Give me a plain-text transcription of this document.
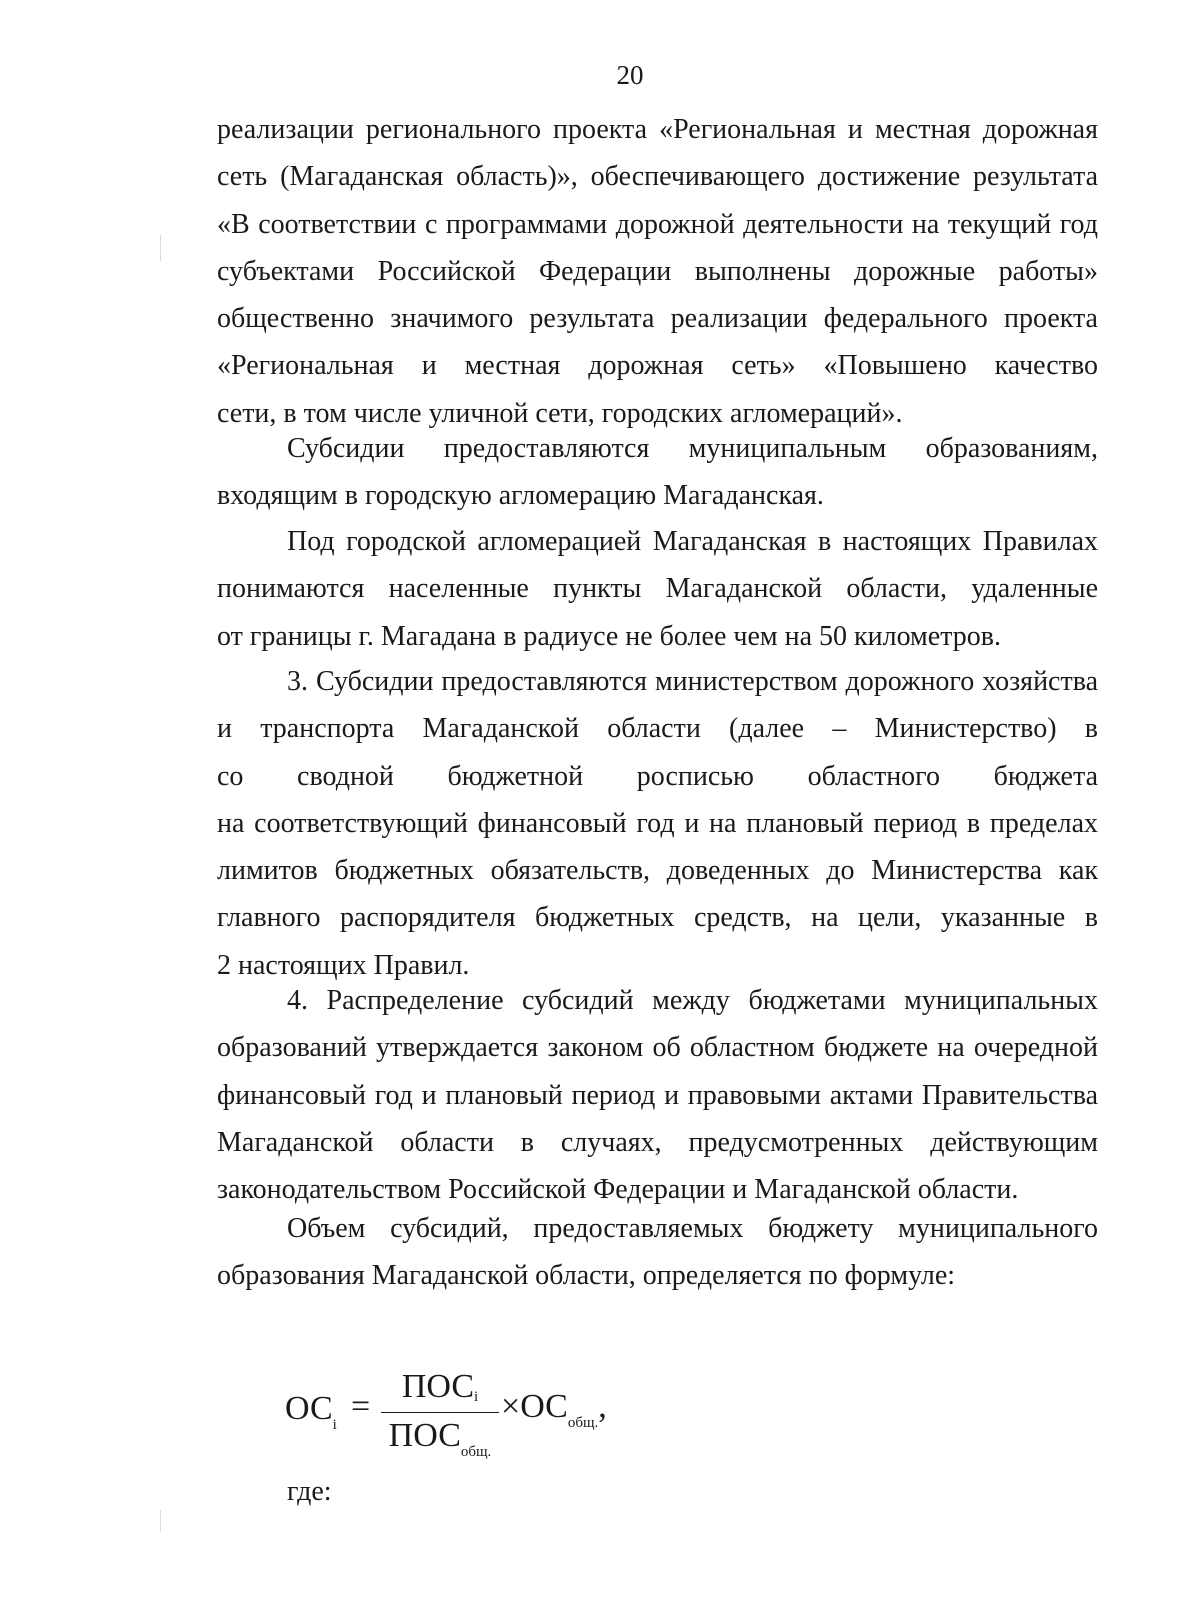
20
реализации регионального проекта «Региональная и местная дорожная
сеть (Магаданская область)», обеспечивающего достижение результата
«В соответствии с программами дорожной деятельности на текущий год
субъектами Российской Федерации выполнены дорожные работы»
общественно значимого результата реализации федерального проекта
«Региональная и местная дорожная сеть» «Повышено качество
сети, в том числе уличной сети, городских агломераций».
Субсидии предоставляются муниципальным образованиям,
входящим в городскую агломерацию Магаданская.
Под городской агломерацией Магаданская в настоящих Правилах
понимаются населенные пункты Магаданской области, удаленные
от границы г. Магадана в радиусе не более чем на 50 километров.
3. Субсидии предоставляются министерством дорожного хозяйства
и транспорта Магаданской области (далее – Министерство) в
со сводной бюджетной росписью областного бюджета
на соответствующий финансовый год и на плановый период в пределах
лимитов бюджетных обязательств, доведенных до Министерства как
главного распорядителя бюджетных средств, на цели, указанные в
2 настоящих Правил.
4. Распределение субсидий между бюджетами муниципальных
образований утверждается законом об областном бюджете на очередной
финансовый год и плановый период и правовыми актами Правительства
Магаданской области в случаях, предусмотренных действующим
законодательством Российской Федерации и Магаданской области.
Объем субсидий, предоставляемых бюджету муниципального
образования Магаданской области, определяется по формуле:
$ОС_i$ =
ПОСi
$ПОС_{общ.}$
$\times ОС_{общ.}$,
где:
